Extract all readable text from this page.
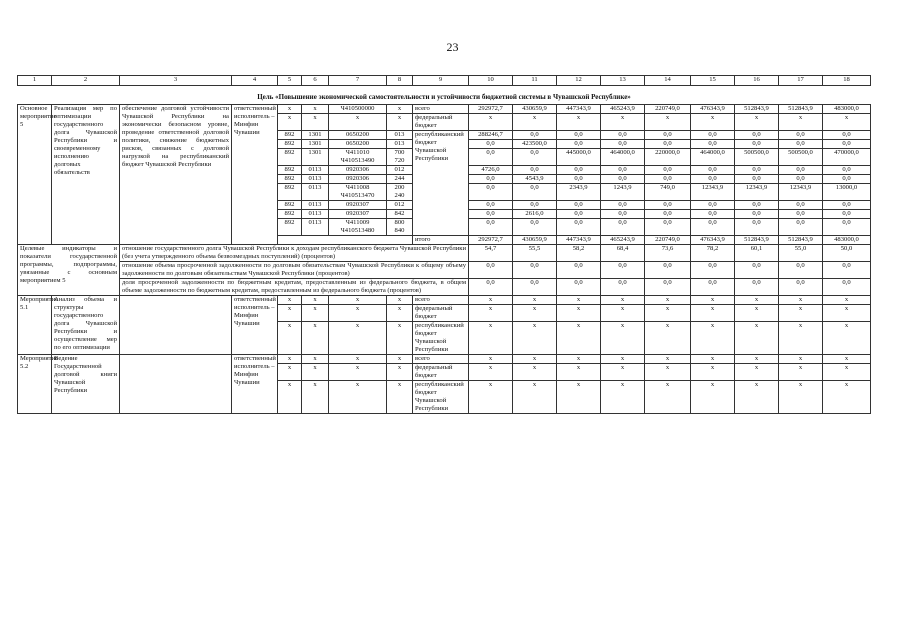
23
1	2	3	4	5	6	7	8	9	10	11	12	13	14	15	16	17	18

Цель «Повышение экономической самостоятельности и устойчивости бюджетной системы в Чувашской Республике»																	
Основное мероприятие 5	Реализация мер по оптимизации государственного долга Чувашской Республики и своевременному исполнению долговых обязательств	обеспечение долговой устойчивости Чувашской Республики на экономически безопасном уровне, проведение ответственной долговой политики, снижение бюджетных рисков, связанных с долговой нагрузкой на республиканский бюджет Чувашской Республики	ответственный исполнитель – Минфин Чувашии	x	x	Ч410500000	x	всего	292972,7	430659,9	447343,9	465243,9	220749,0	476343,9	512843,9	512843,9	483000,0
				x	x	x	x	федеральный бюджет	x	x	x	x	x	x	x	x	x
				892	1301	0650200	013	республиканский бюджет Чувашской Республики	288246,7	0,0	0,0	0,0	0,0	0,0	0,0	0,0	0,0
				892	1301	0650200	013		0,0	423500,0	0,0	0,0	0,0	0,0	0,0	0,0	0,0
				892	1301	Ч411010 Ч410513490	700 720		0,0	0,0	445000,0	464000,0	220000,0	464000,0	500500,0	500500,0	470000,0
				892	0113	0920306	012		4726,0	0,0	0,0	0,0	0,0	0,0	0,0	0,0	0,0
				892	0113	0920306	244		0,0	4543,9	0,0	0,0	0,0	0,0	0,0	0,0	0,0
				892	0113	Ч411008 Ч410513470	200 240		0,0	0,0	2343,9	1243,9	749,0	12343,9	12343,9	12343,9	13000,0
				892	0113	0920307	012		0,0	0,0	0,0	0,0	0,0	0,0	0,0	0,0	0,0
				892	0113	0920307	842		0,0	2616,0	0,0	0,0	0,0	0,0	0,0	0,0	0,0
				892	0113	Ч411009 Ч410513480	800 840		0,0	0,0	0,0	0,0	0,0	0,0	0,0	0,0	0,0
								итого	292972,7	430659,9	447343,9	465243,9	220749,0	476343,9	512843,9	512843,9	483000,0
Целевые индикаторы и показатели государственной программы, подпрограммы, увязанные с основным мероприятием 5		отношение государственного долга Чувашской Республики к доходам республиканского бюджета Чувашской Республики (без учета утвержденного объема безвозмездных поступлений) (процентов)							54,7	55,5	58,2	68,4	73,6	78,2	60,1	55,0	50,0
		отношение объема просроченной задолженности по долговым обязательствам Чувашской Республики к общему объему задолженности по долговым обязательствам Чувашской Республики (процентов)							0,0	0,0	0,0	0,0	0,0	0,0	0,0	0,0	0,0
		доля просроченной задолженности по бюджетным кредитам, предоставленным из федерального бюджета, в общем объеме задолженности по бюджетным кредитам, предоставленным из федерального бюджета (процентов)							0,0	0,0	0,0	0,0	0,0	0,0	0,0	0,0	0,0
Мероприятие 5.1	Анализ объема и структуры государственного долга Чувашской Республики и осуществление мер по его оптимизации		ответственный исполнитель – Минфин Чувашии	x	x	x	x	всего	x	x	x	x	x	x	x	x	x
				x	x	x	x	федеральный бюджет	x	x	x	x	x	x	x	x	x
				x	x	x	x	республиканский бюджет Чувашской Республики	x	x	x	x	x	x	x	x	x
Мероприятие 5.2	Ведение Государственной долговой книги Чувашской Республики		ответственный исполнитель – Минфин Чувашии	x	x	x	x	всего	x	x	x	x	x	x	x	x	x
				x	x	x	x	федеральный бюджет	x	x	x	x	x	x	x	x	x
				x	x	x	x	республиканский бюджет Чувашской Республики	x	x	x	x	x	x	x	x	x
